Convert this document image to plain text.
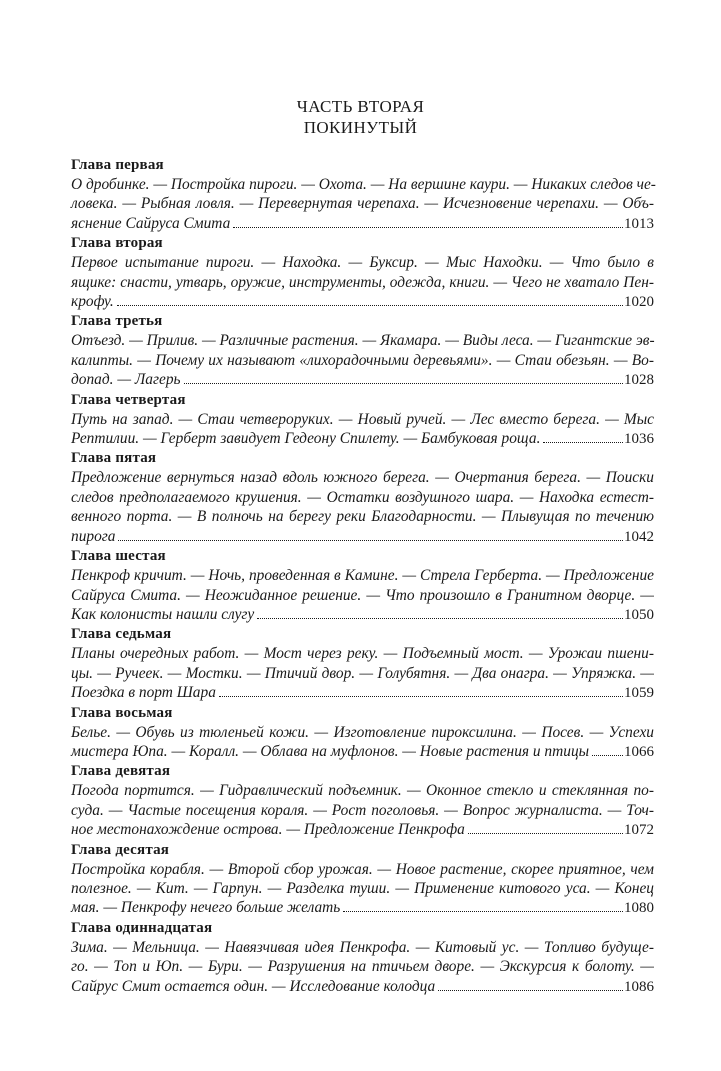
ЧАСТЬ ВТОРАЯ
ПОКИНУТЫЙ
Глава первая
О дробинке. — Постройка пироги. — Охота. — На вершине каури. — Никаких следов че-
ловека. — Рыбная ловля. — Перевернутая черепаха. — Исчезновение черепахи. — Объ-
яснение Сайруса Смита	1013
Глава вторая
Первое испытание пироги. — Находка. — Буксир. — Мыс Находки. — Что было в
ящике: снасти, утварь, оружие, инструменты, одежда, книги. — Чего не хватало Пен-
крофу.	1020
Глава третья
Отъезд. — Прилив. — Различные растения. — Якамара. — Виды леса. — Гигантские эв-
калипты. — Почему их называют «лихорадочными деревьями». — Стаи обезьян. — Во-
допад. — Лагерь	1028
Глава четвертая
Путь на запад. — Стаи четвероруких. — Новый ручей. — Лес вместо берега. — Мыс
Рептилии. — Герберт завидует Гедеону Спилету. — Бамбуковая роща.	1036
Глава пятая
Предложение вернуться назад вдоль южного берега. — Очертания берега. — Поиски
следов предполагаемого крушения. — Остатки воздушного шара. — Находка естест-
венного порта. — В полночь на берегу реки Благодарности. — Плывущая по течению
пирога	1042
Глава шестая
Пенкроф кричит. — Ночь, проведенная в Камине. — Стрела Герберта. — Предложение
Сайруса Смита. — Неожиданное решение. — Что произошло в Гранитном дворце. —
Как колонисты нашли слугу	1050
Глава седьмая
Планы очередных работ. — Мост через реку. — Подъемный мост. — Урожаи пшени-
цы. — Ручеек. — Мостки. — Птичий двор. — Голубятня. — Два онагра. — Упряжка. —
Поездка в порт Шара	1059
Глава восьмая
Белье. — Обувь из тюленьей кожи. — Изготовление пироксилина. — Посев. — Успехи
мистера Юпа. — Коралл. — Облава на муфлонов. — Новые растения и птицы 1066
Глава девятая
Погода портится. — Гидравлический подъемник. — Оконное стекло и стеклянная по-
суда. — Частые посещения кораля. — Рост поголовья. — Вопрос журналиста. — Точ-
ное местонахождение острова. — Предложение Пенкрофа	1072
Глава десятая
Постройка корабля. — Второй сбор урожая. — Новое растение, скорее приятное, чем
полезное. — Кит. — Гарпун. — Разделка туши. — Применение китового уса. — Конец
мая. — Пенкрофу нечего больше желать	1080
Глава одиннадцатая
Зима. — Мельница. — Навязчивая идея Пенкрофа. — Китовый ус. — Топливо будуще-
го. — Топ и Юп. — Бури. — Разрушения на птичьем дворе. — Экскурсия к болоту. —
Сайрус Смит остается один. — Исследование колодца	1086
